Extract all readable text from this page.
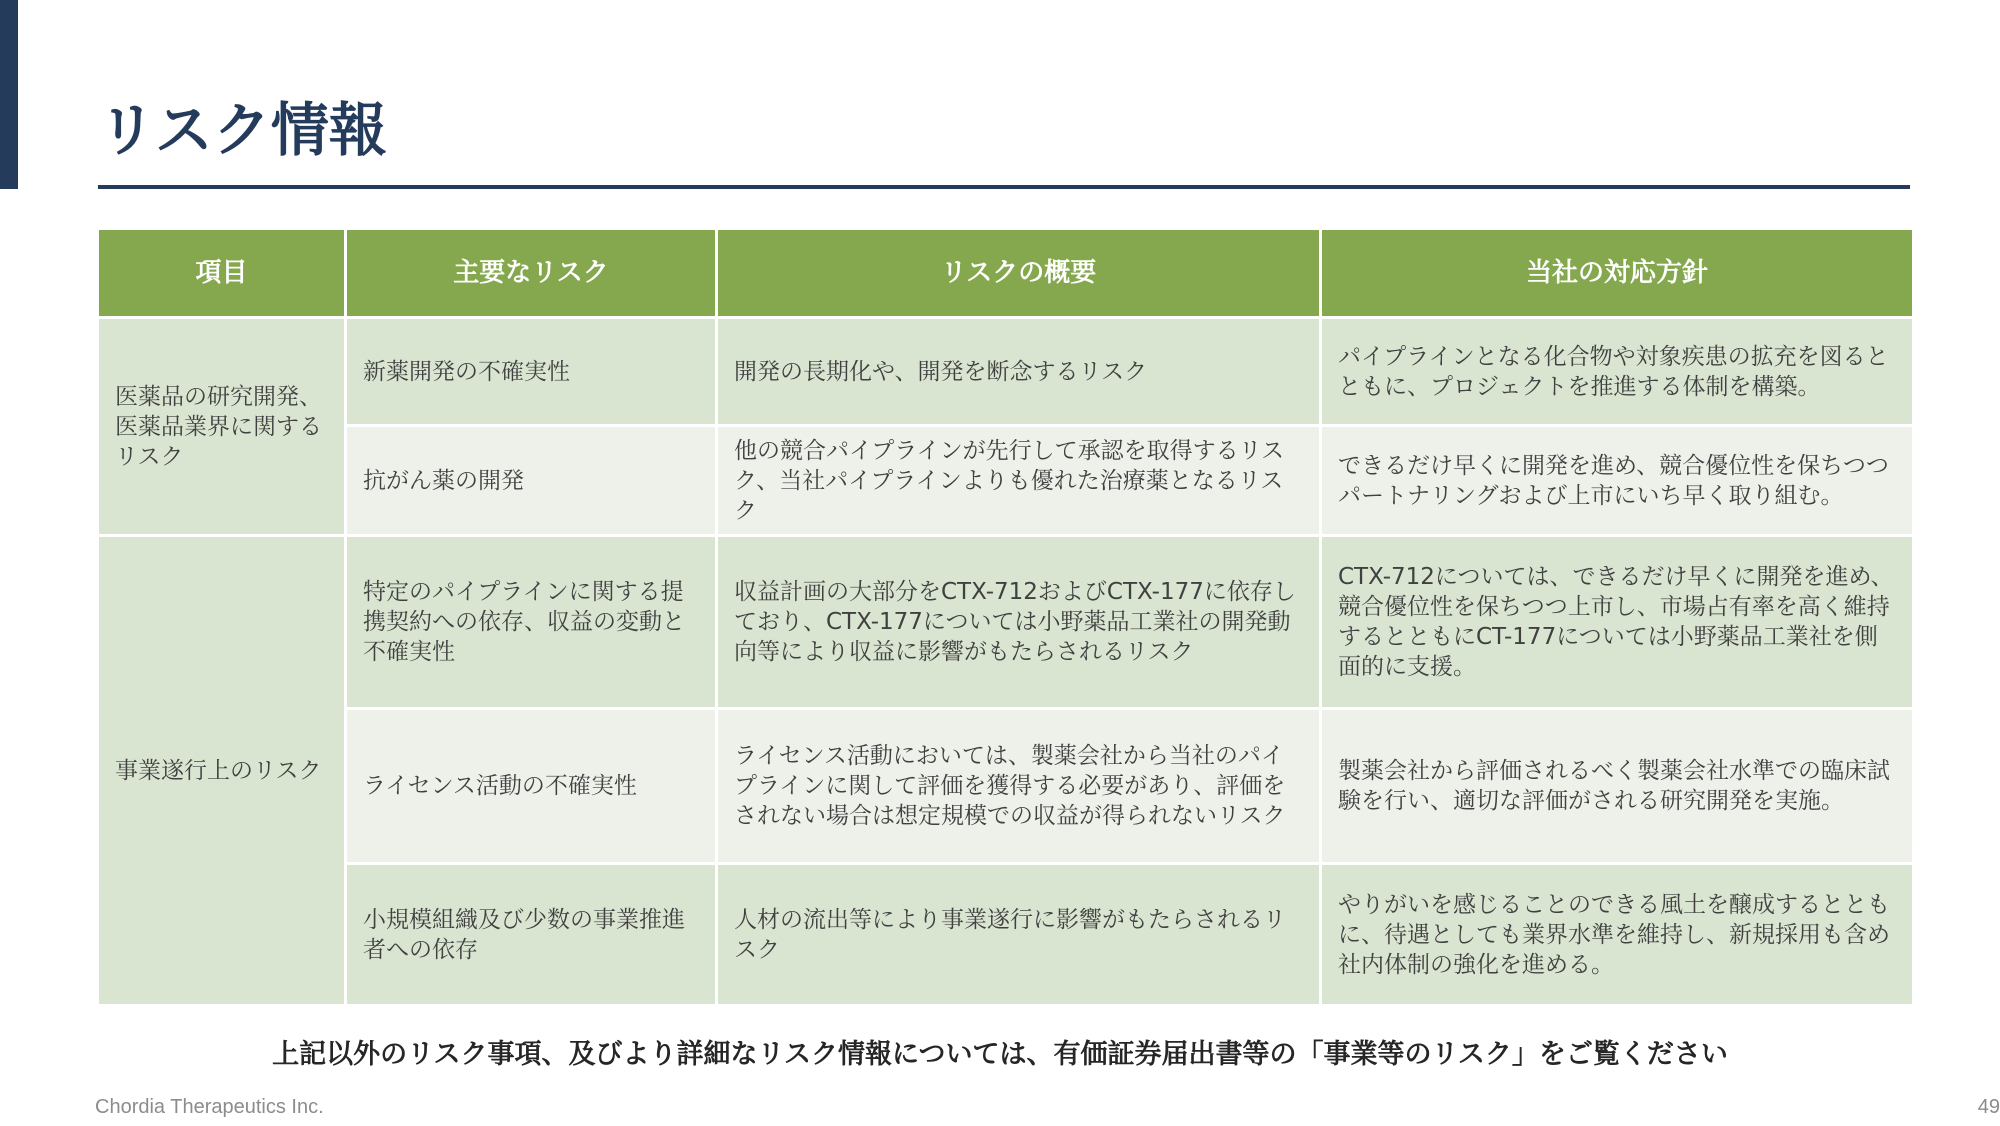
リスク情報
項目	主要なリスク	リスクの概要	当社の対応方針
医薬品の研究開発、医薬品業界に関するリスク	新薬開発の不確実性	開発の長期化や、開発を断念するリスク	パイプラインとなる化合物や対象疾患の拡充を図るとともに、プロジェクトを推進する体制を構築。
	抗がん薬の開発	他の競合パイプラインが先行して承認を取得するリスク、当社パイプラインよりも優れた治療薬となるリスク	できるだけ早くに開発を進め、競合優位性を保ちつつパートナリングおよび上市にいち早く取り組む。
事業遂行上のリスク	特定のパイプラインに関する提携契約への依存、収益の変動と不確実性	収益計画の大部分をCTX-712およびCTX-177に依存しており、CTX-177については小野薬品工業社の開発動向等により収益に影響がもたらされるリスク	CTX-712については、できるだけ早くに開発を進め、競合優位性を保ちつつ上市し、市場占有率を高く維持するとともにCT-177については小野薬品工業社を側面的に支援。
	ライセンス活動の不確実性	ライセンス活動においては、製薬会社から当社のパイプラインに関して評価を獲得する必要があり、評価をされない場合は想定規模での収益が得られないリスク	製薬会社から評価されるべく製薬会社水準での臨床試験を行い、適切な評価がされる研究開発を実施。
	小規模組織及び少数の事業推進者への依存	人材の流出等により事業遂行に影響がもたらされるリスク	やりがいを感じることのできる風土を醸成するとともに、待遇としても業界水準を維持し、新規採用も含め社内体制の強化を進める。
上記以外のリスク事項、及びより詳細なリスク情報については、有価証券届出書等の「事業等のリスク」をご覧ください
Chordia Therapeutics Inc.	49
